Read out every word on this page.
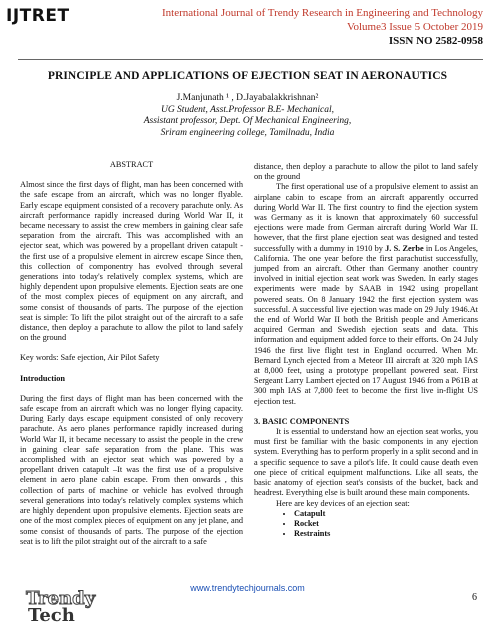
IJTRET	International Journal of Trendy Research in Engineering and Technology
Volume3 Issue 5 October 2019
ISSN NO 2582-0958
PRINCIPLE AND APPLICATIONS OF EJECTION SEAT IN AERONAUTICS
J.Manjunath ¹ , D.Jayabalakkrishnan²
UG Student, Asst.Professor B.E- Mechanical,
Assistant professor, Dept. Of Mechanical Engineering,
Sriram engineering college, Tamilnadu, India

ABSTRACT

Almost since the first days of flight, man has been concerned with the safe escape from an aircraft, which was no longer flyable. Early escape equipment consisted of a recovery parachute only. As aircraft performance rapidly increased during World War II, it became necessary to assist the crew members in gaining clear safe separation from the aircraft. This was accomplished with an ejector seat, which was powered by a propellant driven catapult - the first use of a propulsive element in aircrew escape Since then, this collection of componentry has evolved through several generations into today's relatively complex systems, which are highly dependent upon propulsive elements. Ejection seats are one of the most complex pieces of equipment on any aircraft, and some consist of thousands of parts. The purpose of the ejection seat is simple: To lift the pilot straight out of the aircraft to a safe distance, then deploy a parachute to allow the pilot to land safely on the ground

Key words: Safe ejection, Air Pilot Safety

Introduction

During the first days of flight man has been concerned with the safe escape from an aircraft which was no longer flying capacity. During Early days escape equipment consisted of only recovery parachute. As aero planes performance rapidly increased during World War II, it became necessary to assist the people in the crew in gaining clear safe separation from the plane. This was accomplished with an ejector seat which was powered by a propellant driven catapult –It was the first use of a propulsive element in aero plane cabin escape. From then onwards , this collection of parts of machine or vehicle has evolved through several generations into today's relatively complex systems which are highly dependent upon propulsive elements. Ejection seats are one of the most complex pieces of equipment on any jet plane, and some consist of thousands of parts. The purpose of the ejection seat is to lift the pilot straight out of the aircraft to a safe

distance, then deploy a parachute to allow the pilot to land safely on the ground

The first operational use of a propulsive element to assist an airplane cabin to escape from an aircraft apparently occurred during World War II. The first country to find the ejection system was Germany as it is known that approximately 60 successful ejections were made from German aircraft during World War II. however, that the first plane ejection seat was designed and tested successfully with a dummy in 1910 by J. S. Zerbe in Los Angeles, California. The one year before the first parachutist successfully, jumped from an aircraft. Other than Germany another country involved in initial ejection seat work was Sweden. In early stages experiments were made by SAAB in 1942 using propellant powered seats. On 8 January 1942 the first ejection system was successful. A successful live ejection was made on 29 July 1946.At the end of World War II both the British people and Americans acquired German and Swedish ejection seats and data. This information and equipment added force to their efforts. On 24 July 1946 the first live flight test in England occurred. When Mr. Bernard Lynch ejected from a Meteor III aircraft at 320 mph IAS at 8,000 feet, using a prototype propellant powered seat. First Sergeant Larry Lambert ejected on 17 August 1946 from a P61B at 300 mph IAS at 7,800 feet to become the first live in-flight US ejection test.

3. BASIC COMPONENTS

It is essential to understand how an ejection seat works, you must first be familiar with the basic components in any ejection system. Everything has to perform properly in a split second and in a specific sequence to save a pilot's life. It could cause death even one piece of critical equipment malfunctions. Like all seats, the basic anatomy of ejection seat's consists of the bucket, back and headrest. Everything else is built around these main components.

Here are key devices of an ejection seat:

• Catapult
• Rocket
• Restraints
www.trendytechjournals.com
Trendy
Tech
6
